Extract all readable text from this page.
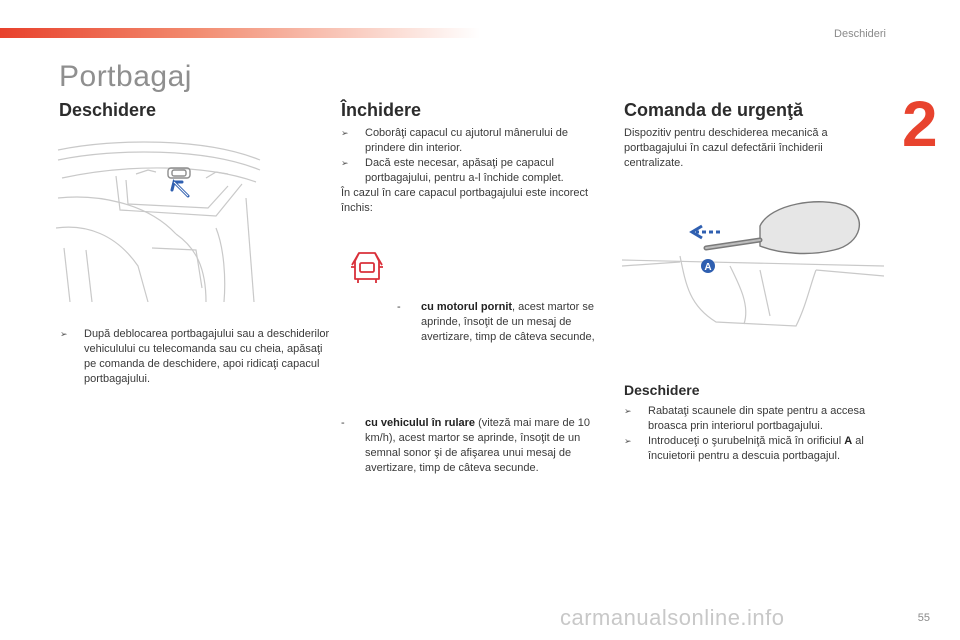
Deschideri
2
Portbagaj
Deschidere
➢ După deblocarea portbagajului sau a deschiderilor vehiculului cu telecomanda sau cu cheia, apăsaţi pe comanda de deschidere, apoi ridicaţi capacul portbagajului.
Închidere
➢ Coborâţi capacul cu ajutorul mânerului de prindere din interior.
➢ Dacă este necesar, apăsaţi pe capacul portbagajului, pentru a-l închide complet.
În cazul în care capacul portbagajului este incorect închis:
- cu motorul pornit, acest martor se aprinde, însoţit de un mesaj de avertizare, timp de câteva secunde,
- cu vehiculul în rulare (viteză mai mare de 10 km/h), acest martor se aprinde, însoţit de un semnal sonor şi de afişarea unui mesaj de avertizare, timp de câteva secunde.
Comanda de urgenţă
Dispozitiv pentru deschiderea mecanică a portbagajului în cazul defectării închiderii centralizate.
A
Deschidere
➢ Rabataţi scaunele din spate pentru a accesa broasca prin interiorul portbagajului.
➢ Introduceţi o şurubelniţă mică în orificiul A al încuietorii pentru a descuia portbagajul.
carmanualsonline.info	55
